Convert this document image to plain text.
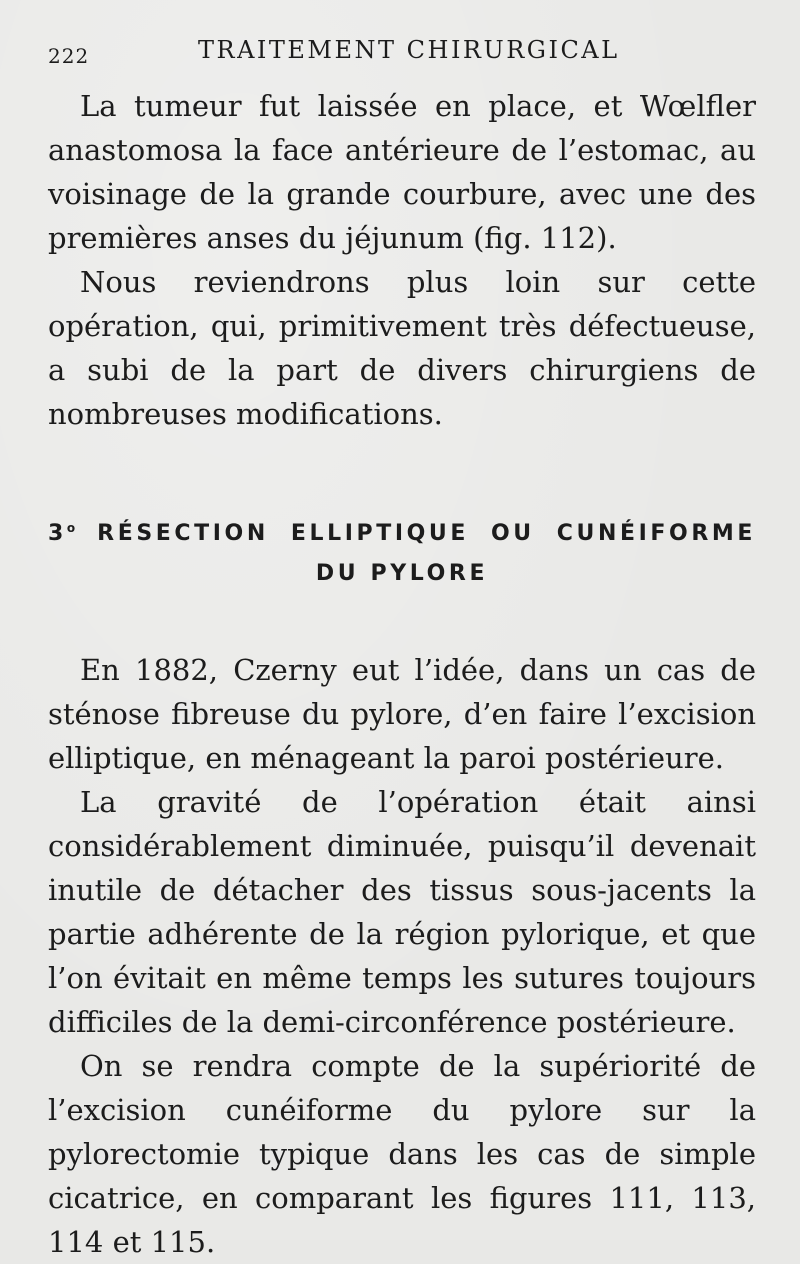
222	TRAITEMENT CHIRURGICAL

La tumeur fut laissée en place, et Wœlfler anastomosa la face antérieure de l’estomac, au voisinage de la grande courbure, avec une des premières anses du jéjunum (fig. 112).

Nous reviendrons plus loin sur cette opération, qui, primitivement très défectueuse, a subi de la part de divers chirurgiens de nombreuses modifications.

3$^o$ RÉSECTION ELLIPTIQUE OU CUNÉIFORME
DU PYLORE

En 1882, Czerny eut l’idée, dans un cas de sténose fibreuse du pylore, d’en faire l’excision elliptique, en ménageant la paroi postérieure.

La gravité de l’opération était ainsi considérablement diminuée, puisqu’il devenait inutile de détacher des tissus sous-jacents la partie adhérente de la région pylorique, et que l’on évitait en même temps les sutures toujours difficiles de la demi-circonférence postérieure.

On se rendra compte de la supériorité de l’excision cunéiforme du pylore sur la pylorectomie typique dans les cas de simple cicatrice, en comparant les figures 111, 113, 114 et 115.
